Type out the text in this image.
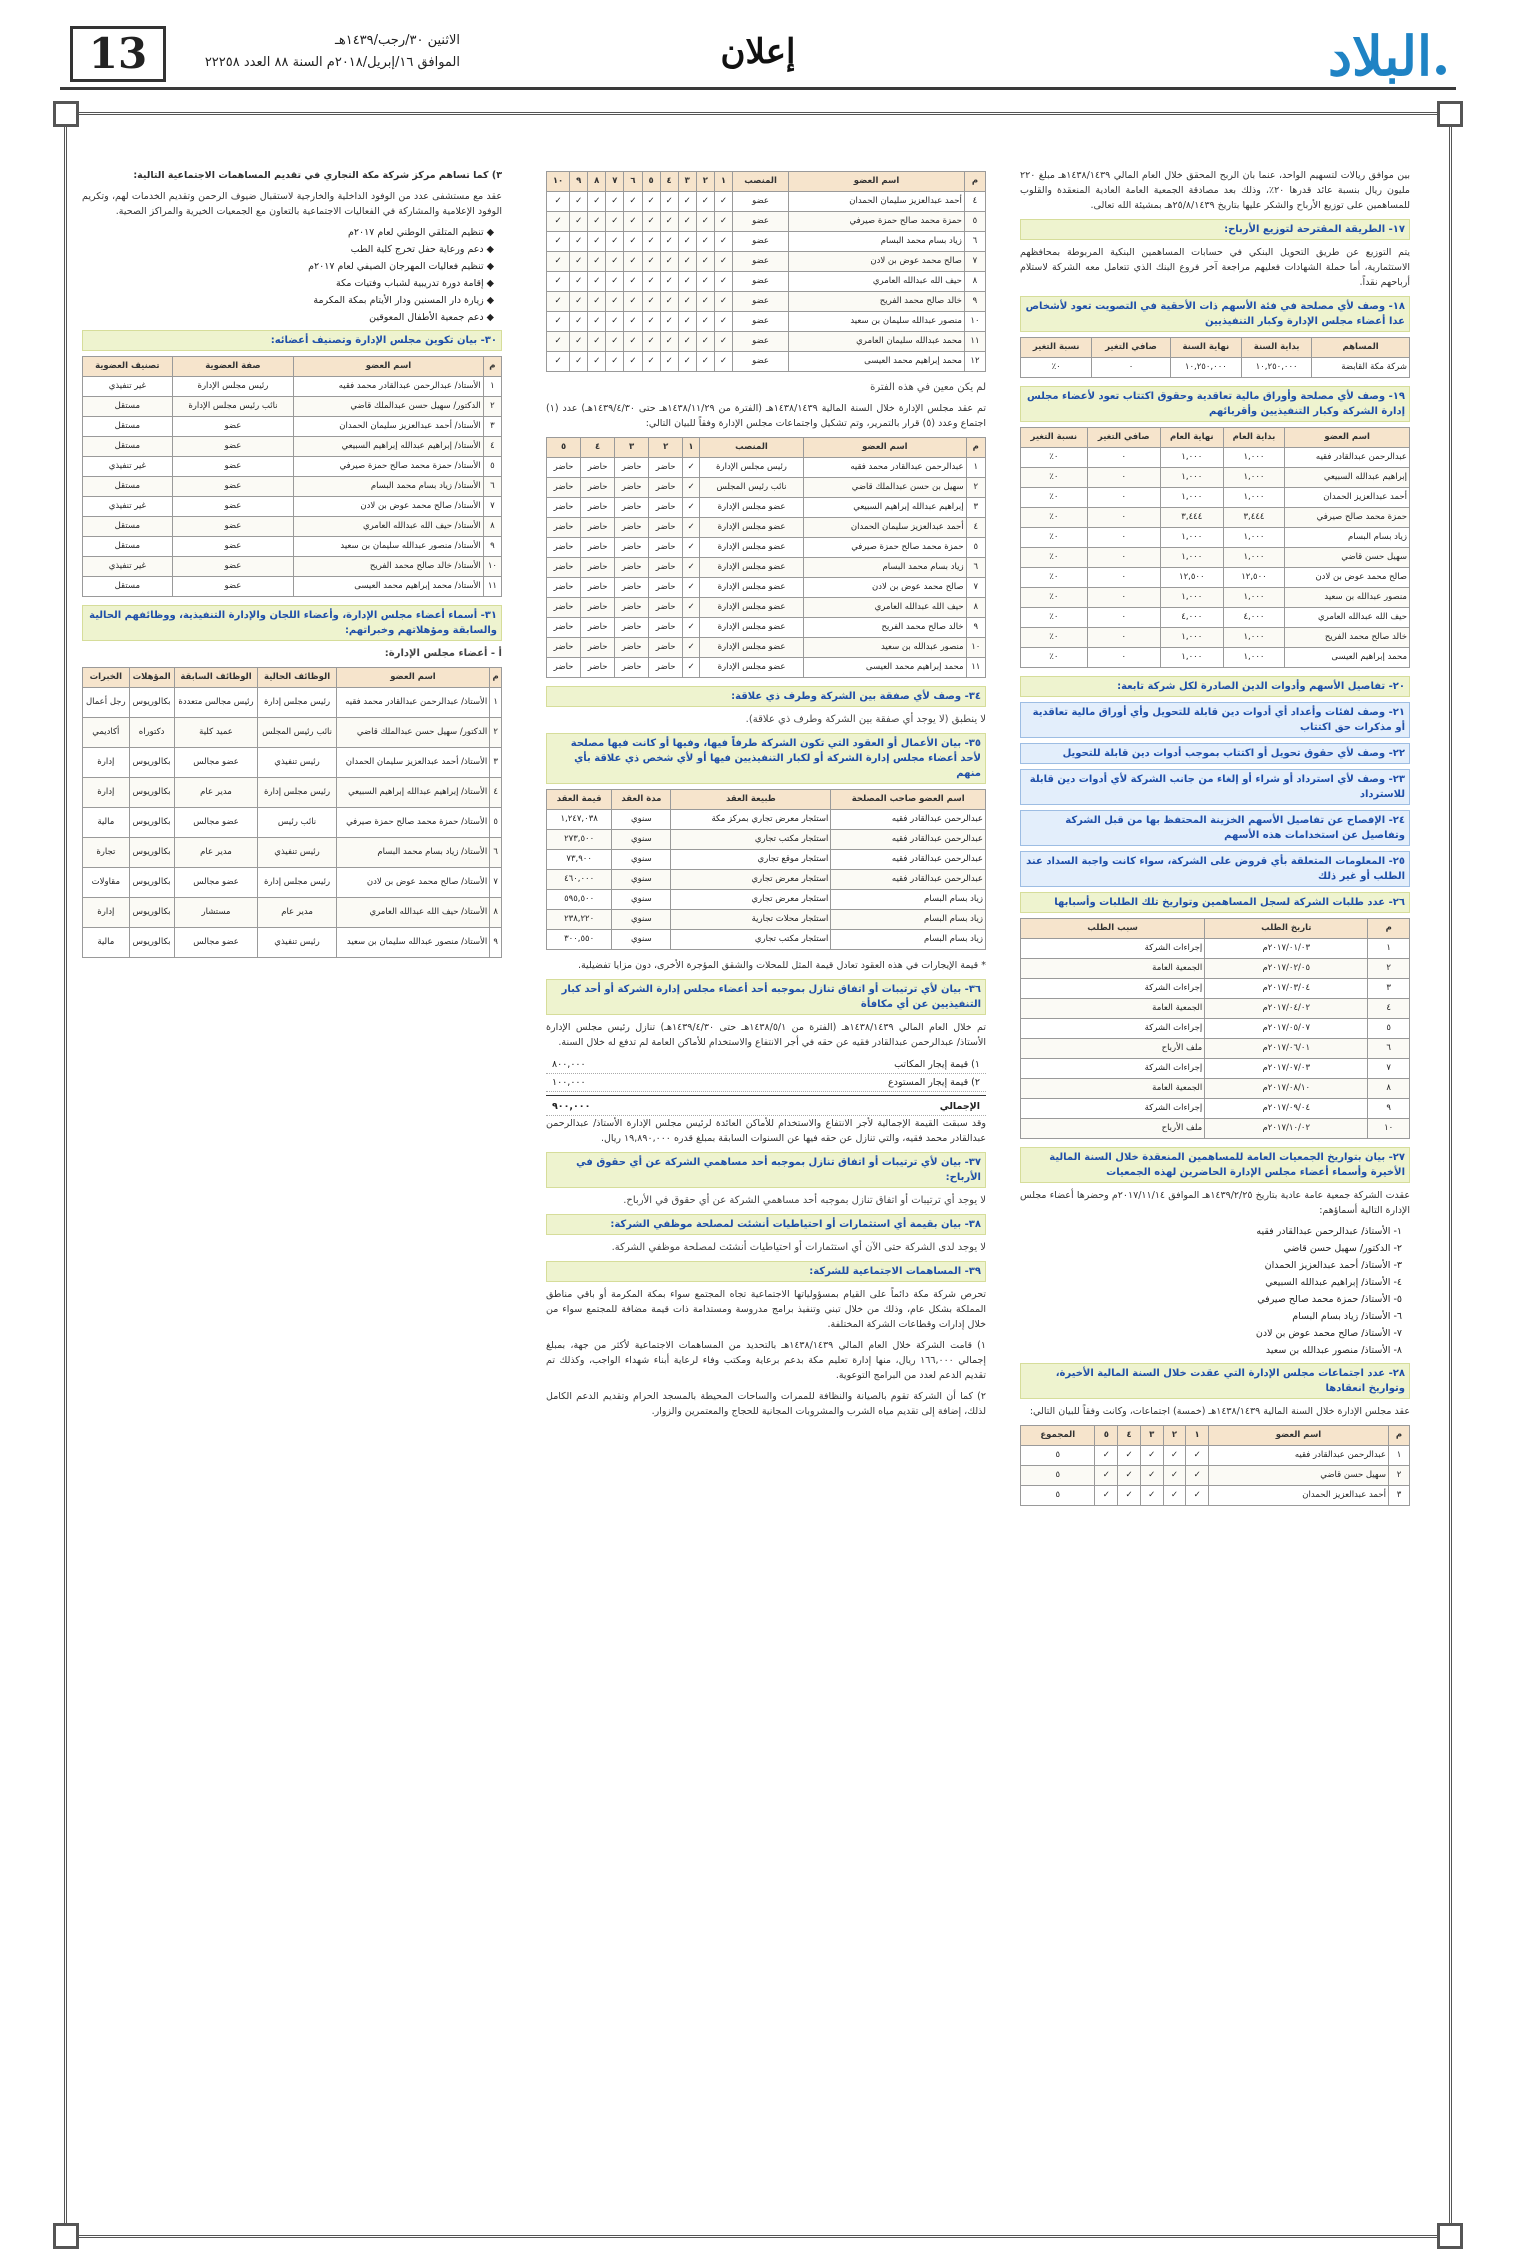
البلاد
إعلان
الاثنين ٣٠/رجب/١٤٣٩هـ
الموافق ١٦/إبريل/٢٠١٨م السنة ٨٨ العدد ٢٢٢٥٨
13

بين موافق ريالات لتسهيم الواحد، عنما بان الربح المحقق خلال العام المالي ١٤٣٨/١٤٣٩هـ مبلغ ٢٢٠ مليون ريال بنسبة عائد قدرها ٢٠٪، وذلك بعد مصادقة الجمعية العامة العادية المنعقدة والقلوب للمساهمين على توزيع الأرباح والشكر عليها بتاريخ ٢٥/٨/١٤٣٩هـ بمشيئة الله تعالى.

١٧- الطريقة المقترحة لتوزيع الأرباح:

يتم التوزيع عن طريق التحويل البنكي في حسابات المساهمين البنكية المربوطة بمحافظهم الاستثمارية، أما حملة الشهادات فعليهم مراجعة آخر فروع البنك الذي تتعامل معه الشركة لاستلام أرباحهم نقداً.

١٨- وصف لأي مصلحة في فئة الأسهم ذات الأحقية في التصويت تعود لأشخاص عدا أعضاء مجلس الإدارة وكبار التنفيذيين
المساهم	بداية السنة	نهاية السنة	صافي التغير	نسبة التغير
شركة مكة القابضة	١٠,٢٥٠,٠٠٠	١٠,٢٥٠,٠٠٠	٠	٠٪
١٩- وصف لأي مصلحة وأوراق مالية تعاقدية وحقوق اكتتاب تعود لأعضاء مجلس إدارة الشركة وكبار التنفيذيين وأقربائهم
اسم العضو	بداية العام	نهاية العام	صافي التغير	نسبة التغير
عبدالرحمن عبدالقادر فقيه	١,٠٠٠	١,٠٠٠	٠	٠٪
إبراهيم عبدالله السبيعي	١,٠٠٠	١,٠٠٠	٠	٠٪
أحمد عبدالعزيز الحمدان	١,٠٠٠	١,٠٠٠	٠	٠٪
حمزة محمد صالح صيرفي	٣,٤٤٤	٣,٤٤٤	٠	٠٪
زياد بسام البسام	١,٠٠٠	١,٠٠٠	٠	٠٪
سهيل حسن قاضي	١,٠٠٠	١,٠٠٠	٠	٠٪
صالح محمد عوض بن لادن	١٢,٥٠٠	١٢,٥٠٠	٠	٠٪
منصور عبدالله بن سعيد	١,٠٠٠	١,٠٠٠	٠	٠٪
حيف الله عبدالله العامري	٤,٠٠٠	٤,٠٠٠	٠	٠٪
خالد صالح محمد الفريح	١,٠٠٠	١,٠٠٠	٠	٠٪
محمد إبراهيم العيسى	١,٠٠٠	١,٠٠٠	٠	٠٪
٢٠- تفاصيل الأسهم وأدوات الدين الصادرة لكل شركة تابعة:
٢١- وصف لفئات وأعداد أي أدوات دين قابلة للتحويل وأي أوراق مالية تعاقدية أو مذكرات حق اكتتاب
٢٢- وصف لأي حقوق تحويل أو اكتتاب بموجب أدوات دين قابلة للتحويل
٢٣- وصف لأي استرداد أو شراء أو إلغاء من جانب الشركة لأي أدوات دين قابلة للاسترداد
٢٤- الإفصاح عن تفاصيل الأسهم الخزينة المحتفظ بها من قبل الشركة وتفاصيل عن استخدامات هذه الأسهم
٢٥- المعلومات المتعلقة بأي قروض على الشركة، سواء كانت واجبة السداد عند الطلب أو غير ذلك
٢٦- عدد طلبات الشركة لسجل المساهمين وتواريخ تلك الطلبات وأسبابها
م	تاريخ الطلب	سبب الطلب
١	٢٠١٧/٠١/٠٣م	إجراءات الشركة
٢	٢٠١٧/٠٢/٠٥م	الجمعية العامة
٣	٢٠١٧/٠٣/٠٤م	إجراءات الشركة
٤	٢٠١٧/٠٤/٠٢م	الجمعية العامة
٥	٢٠١٧/٠٥/٠٧م	إجراءات الشركة
٦	٢٠١٧/٠٦/٠١م	ملف الأرباح
٧	٢٠١٧/٠٧/٠٣م	إجراءات الشركة
٨	٢٠١٧/٠٨/١٠م	الجمعية العامة
٩	٢٠١٧/٠٩/٠٤م	إجراءات الشركة
١٠	٢٠١٧/١٠/٠٢م	ملف الأرباح
٢٧- بيان بتواريخ الجمعيات العامة للمساهمين المنعقدة خلال السنة المالية الأخيرة وأسماء أعضاء مجلس الإدارة الحاضرين لهذه الجمعيات

عقدت الشركة جمعية عامة عادية بتاريخ ١٤٣٩/٢/٢٥هـ الموافق ٢٠١٧/١١/١٤م وحضرها أعضاء مجلس الإدارة التالية أسماؤهم:

١- الأستاذ/ عبدالرحمن عبدالقادر فقيه
٢- الدكتور/ سهيل حسن قاضي
٣- الأستاذ/ أحمد عبدالعزيز الحمدان
٤- الأستاذ/ إبراهيم عبدالله السبيعي
٥- الأستاذ/ حمزة محمد صالح صيرفي
٦- الأستاذ/ زياد بسام البسام
٧- الأستاذ/ صالح محمد عوض بن لادن
٨- الأستاذ/ منصور عبدالله بن سعيد
٢٨- عدد اجتماعات مجلس الإدارة التي عقدت خلال السنة المالية الأخيرة، وتواريخ انعقادها

عقد مجلس الإدارة خلال السنة المالية ١٤٣٨/١٤٣٩هـ (خمسة) اجتماعات، وكانت وفقاً للبيان التالي:

م	اسم العضو	١	٢	٣	٤	٥	المجموع
١	عبدالرحمن عبدالقادر فقيه	✓	✓	✓	✓	✓	٥
٢	سهيل حسن قاضي	✓	✓	✓	✓	✓	٥
٣	أحمد عبدالعزيز الحمدان	✓	✓	✓	✓	✓	٥
م	اسم العضو	المنصب	١	٢	٣	٤	٥	٦	٧	٨	٩	١٠
٤	أحمد عبدالعزيز سليمان الحمدان	عضو	✓	✓	✓	✓	✓	✓	✓	✓	✓	✓
٥	حمزة محمد صالح حمزة صيرفي	عضو	✓	✓	✓	✓	✓	✓	✓	✓	✓	✓
٦	زياد بسام محمد البسام	عضو	✓	✓	✓	✓	✓	✓	✓	✓	✓	✓
٧	صالح محمد عوض بن لادن	عضو	✓	✓	✓	✓	✓	✓	✓	✓	✓	✓
٨	حيف الله عبدالله العامري	عضو	✓	✓	✓	✓	✓	✓	✓	✓	✓	✓
٩	خالد صالح محمد الفريح	عضو	✓	✓	✓	✓	✓	✓	✓	✓	✓	✓
١٠	منصور عبدالله سليمان بن سعيد	عضو	✓	✓	✓	✓	✓	✓	✓	✓	✓	✓
١١	محمد عبدالله سليمان العامري	عضو	✓	✓	✓	✓	✓	✓	✓	✓	✓	✓
١٢	محمد إبراهيم محمد العيسى	عضو	✓	✓	✓	✓	✓	✓	✓	✓	✓	✓

لم يكن معين في هذه الفترة

تم عقد مجلس الإدارة خلال السنة المالية ١٤٣٨/١٤٣٩هـ (الفترة من ١٤٣٨/١١/٢٩هـ حتى ١٤٣٩/٤/٣٠هـ) عدد (١) اجتماع وعدد (٥) قرار بالتمرير، وتم تشكيل واجتماعات مجلس الإدارة وفقاً للبيان التالي:

م	اسم العضو	المنصب	١	٢	٣	٤	٥
١	عبدالرحمن عبدالقادر محمد فقيه	رئيس مجلس الإدارة	✓	حاضر	حاضر	حاضر	حاضر
٢	سهيل بن حسن عبدالملك قاضي	نائب رئيس المجلس	✓	حاضر	حاضر	حاضر	حاضر
٣	إبراهيم عبدالله إبراهيم السبيعي	عضو مجلس الإدارة	✓	حاضر	حاضر	حاضر	حاضر
٤	أحمد عبدالعزيز سليمان الحمدان	عضو مجلس الإدارة	✓	حاضر	حاضر	حاضر	حاضر
٥	حمزة محمد صالح حمزة صيرفي	عضو مجلس الإدارة	✓	حاضر	حاضر	حاضر	حاضر
٦	زياد بسام محمد البسام	عضو مجلس الإدارة	✓	حاضر	حاضر	حاضر	حاضر
٧	صالح محمد عوض بن لادن	عضو مجلس الإدارة	✓	حاضر	حاضر	حاضر	حاضر
٨	حيف الله عبدالله العامري	عضو مجلس الإدارة	✓	حاضر	حاضر	حاضر	حاضر
٩	خالد صالح محمد الفريح	عضو مجلس الإدارة	✓	حاضر	حاضر	حاضر	حاضر
١٠	منصور عبدالله بن سعيد	عضو مجلس الإدارة	✓	حاضر	حاضر	حاضر	حاضر
١١	محمد إبراهيم محمد العيسى	عضو مجلس الإدارة	✓	حاضر	حاضر	حاضر	حاضر
٣٤- وصف لأي صفقة بين الشركة وطرف ذي علاقة:

لا ينطبق (لا يوجد أي صفقة بين الشركة وطرف ذي علاقة).

٣٥- بيان الأعمال أو العقود التي تكون الشركة طرفاً فيها، وفيها أو كانت فيها مصلحة لأحد أعضاء مجلس إدارة الشركة أو لكبار التنفيذيين فيها أو لأي شخص ذي علاقة بأي منهم
اسم العضو صاحب المصلحة	طبيعة العقد	مدة العقد	قيمة العقد
عبدالرحمن عبدالقادر فقيه	استئجار معرض تجاري بمركز مكة	سنوي	١,٢٤٧,٠٣٨
عبدالرحمن عبدالقادر فقيه	استئجار مكتب تجاري	سنوي	٢٧٣,٥٠٠
عبدالرحمن عبدالقادر فقيه	استئجار موقع تجاري	سنوي	٧٣,٩٠٠
عبدالرحمن عبدالقادر فقيه	استئجار معرض تجاري	سنوي	٤٦٠,٠٠٠
زياد بسام البسام	استئجار معرض تجاري	سنوي	٥٩٥,٥٠٠
زياد بسام البسام	استئجار محلات تجارية	سنوي	٢٣٨,٢٢٠
زياد بسام البسام	استئجار مكتب تجاري	سنوي	٣٠٠,٥٥٠

* قيمة الإيجارات في هذه العقود تعادل قيمة المثل للمحلات والشقق المؤجرة الأخرى، دون مزايا تفضيلية.

٣٦- بيان لأي ترتيبات أو اتفاق تنازل بموجبه أحد أعضاء مجلس إدارة الشركة أو أحد كبار التنفيذيين عن أي مكافأة

تم خلال العام المالي ١٤٣٨/١٤٣٩هـ (الفترة من ١٤٣٨/٥/١هـ حتى ١٤٣٩/٤/٣٠هـ) تنازل رئيس مجلس الإدارة الأستاذ/ عبدالرحمن عبدالقادر فقيه عن حقه في أجر الانتفاع والاستخدام للأماكن العامة لم تدفع له خلال السنة.

١) قيمة إيجار المكاتب
٨٠٠,٠٠٠
٢) قيمة إيجار المستودع
١٠٠,٠٠٠
الإجمالي
٩٠٠,٠٠٠

وقد سبقت القيمة الإجمالية لأجر الانتفاع والاستخدام للأماكن العائدة لرئيس مجلس الإدارة الأستاذ/ عبدالرحمن عبدالقادر محمد فقيه، والتي تنازل عن حقه فيها عن السنوات السابقة بمبلغ قدره ١٩,٨٩٠,٠٠٠ ريال.

٣٧- بيان لأي ترتيبات أو اتفاق تنازل بموجبه أحد مساهمي الشركة عن أي حقوق في الأرباح:

لا يوجد أي ترتيبات أو اتفاق تنازل بموجبه أحد مساهمي الشركة عن أي حقوق في الأرباح.

٣٨- بيان بقيمة أي استثمارات أو احتياطيات أنشئت لمصلحة موظفي الشركة:

لا يوجد لدى الشركة حتى الآن أي استثمارات أو احتياطيات أنشئت لمصلحة موظفي الشركة.

٣٩- المساهمات الاجتماعية للشركة:

تحرص شركة مكة دائماً على القيام بمسؤولياتها الاجتماعية تجاه المجتمع سواء بمكة المكرمة أو باقي مناطق المملكة بشكل عام، وذلك من خلال تبني وتنفيذ برامج مدروسة ومستدامة ذات قيمة مضافة للمجتمع سواء من خلال إدارات وقطاعات الشركة المختلفة.

١) قامت الشركة خلال العام المالي ١٤٣٨/١٤٣٩هـ بالتحديد من المساهمات الاجتماعية لأكثر من جهة، بمبلغ إجمالي ١٦٦,٠٠٠ ريال، منها إدارة تعليم مكة بدعم برعاية ومكتب وفاء لرعاية أبناء شهداء الواجب، وكذلك تم تقديم الدعم لعدد من البرامج التوعوية.

٢) كما أن الشركة تقوم بالصيانة والنظافة للممرات والساحات المحيطة بالمسجد الحرام وتقديم الدعم الكامل لذلك، إضافة إلى تقديم مياه الشرب والمشروبات المجانية للحجاج والمعتمرين والزوار.

٣) كما تساهم مركز شركة مكة التجاري في تقديم المساهمات الاجتماعية التالية:

عقد مع مستشفى عدد من الوفود الداخلية والخارجية لاستقبال ضيوف الرحمن وتقديم الخدمات لهم، وتكريم الوفود الإعلامية والمشاركة في الفعاليات الاجتماعية بالتعاون مع الجمعيات الخيرية والمراكز الصحية.

◆ تنظيم المتلقي الوطني لعام ٢٠١٧م
◆ دعم ورعاية حفل تخرج كلية الطب
◆ تنظيم فعاليات المهرجان الصيفي لعام ٢٠١٧م
◆ إقامة دورة تدريبية لشباب وفتيات مكة
◆ زيارة دار المسنين ودار الأيتام بمكة المكرمة
◆ دعم جمعية الأطفال المعوقين
٣٠- بيان تكوين مجلس الإدارة وتصنيف أعضائه:
م	اسم العضو	صفة العضوية	تصنيف العضوية
١	الأستاذ/ عبدالرحمن عبدالقادر محمد فقيه	رئيس مجلس الإدارة	غير تنفيذي
٢	الدكتور/ سهيل حسن عبدالملك قاضي	نائب رئيس مجلس الإدارة	مستقل
٣	الأستاذ/ أحمد عبدالعزيز سليمان الحمدان	عضو	مستقل
٤	الأستاذ/ إبراهيم عبدالله إبراهيم السبيعي	عضو	مستقل
٥	الأستاذ/ حمزة محمد صالح حمزة صيرفي	عضو	غير تنفيذي
٦	الأستاذ/ زياد بسام محمد البسام	عضو	مستقل
٧	الأستاذ/ صالح محمد عوض بن لادن	عضو	غير تنفيذي
٨	الأستاذ/ حيف الله عبدالله العامري	عضو	مستقل
٩	الأستاذ/ منصور عبدالله سليمان بن سعيد	عضو	مستقل
١٠	الأستاذ/ خالد صالح محمد الفريح	عضو	غير تنفيذي
١١	الأستاذ/ محمد إبراهيم محمد العيسى	عضو	مستقل
٣١- أسماء أعضاء مجلس الإدارة، وأعضاء اللجان والإدارة التنفيذية، ووظائفهم الحالية والسابقة ومؤهلاتهم وخبراتهم:

أ - أعضاء مجلس الإدارة:

م	اسم العضو	الوظائف الحالية	الوظائف السابقة	المؤهلات	الخبرات
١	الأستاذ/ عبدالرحمن عبدالقادر محمد فقيه	رئيس مجلس إدارة	رئيس مجالس متعددة	بكالوريوس	رجل أعمال
٢	الدكتور/ سهيل حسن عبدالملك قاضي	نائب رئيس المجلس	عميد كلية	دكتوراه	أكاديمي
٣	الأستاذ/ أحمد عبدالعزيز سليمان الحمدان	رئيس تنفيذي	عضو مجالس	بكالوريوس	إدارة
٤	الأستاذ/ إبراهيم عبدالله إبراهيم السبيعي	رئيس مجلس إدارة	مدير عام	بكالوريوس	إدارة
٥	الأستاذ/ حمزة محمد صالح حمزة صيرفي	نائب رئيس	عضو مجالس	بكالوريوس	مالية
٦	الأستاذ/ زياد بسام محمد البسام	رئيس تنفيذي	مدير عام	بكالوريوس	تجارة
٧	الأستاذ/ صالح محمد عوض بن لادن	رئيس مجلس إدارة	عضو مجالس	بكالوريوس	مقاولات
٨	الأستاذ/ حيف الله عبدالله العامري	مدير عام	مستشار	بكالوريوس	إدارة
٩	الأستاذ/ منصور عبدالله سليمان بن سعيد	رئيس تنفيذي	عضو مجالس	بكالوريوس	مالية
